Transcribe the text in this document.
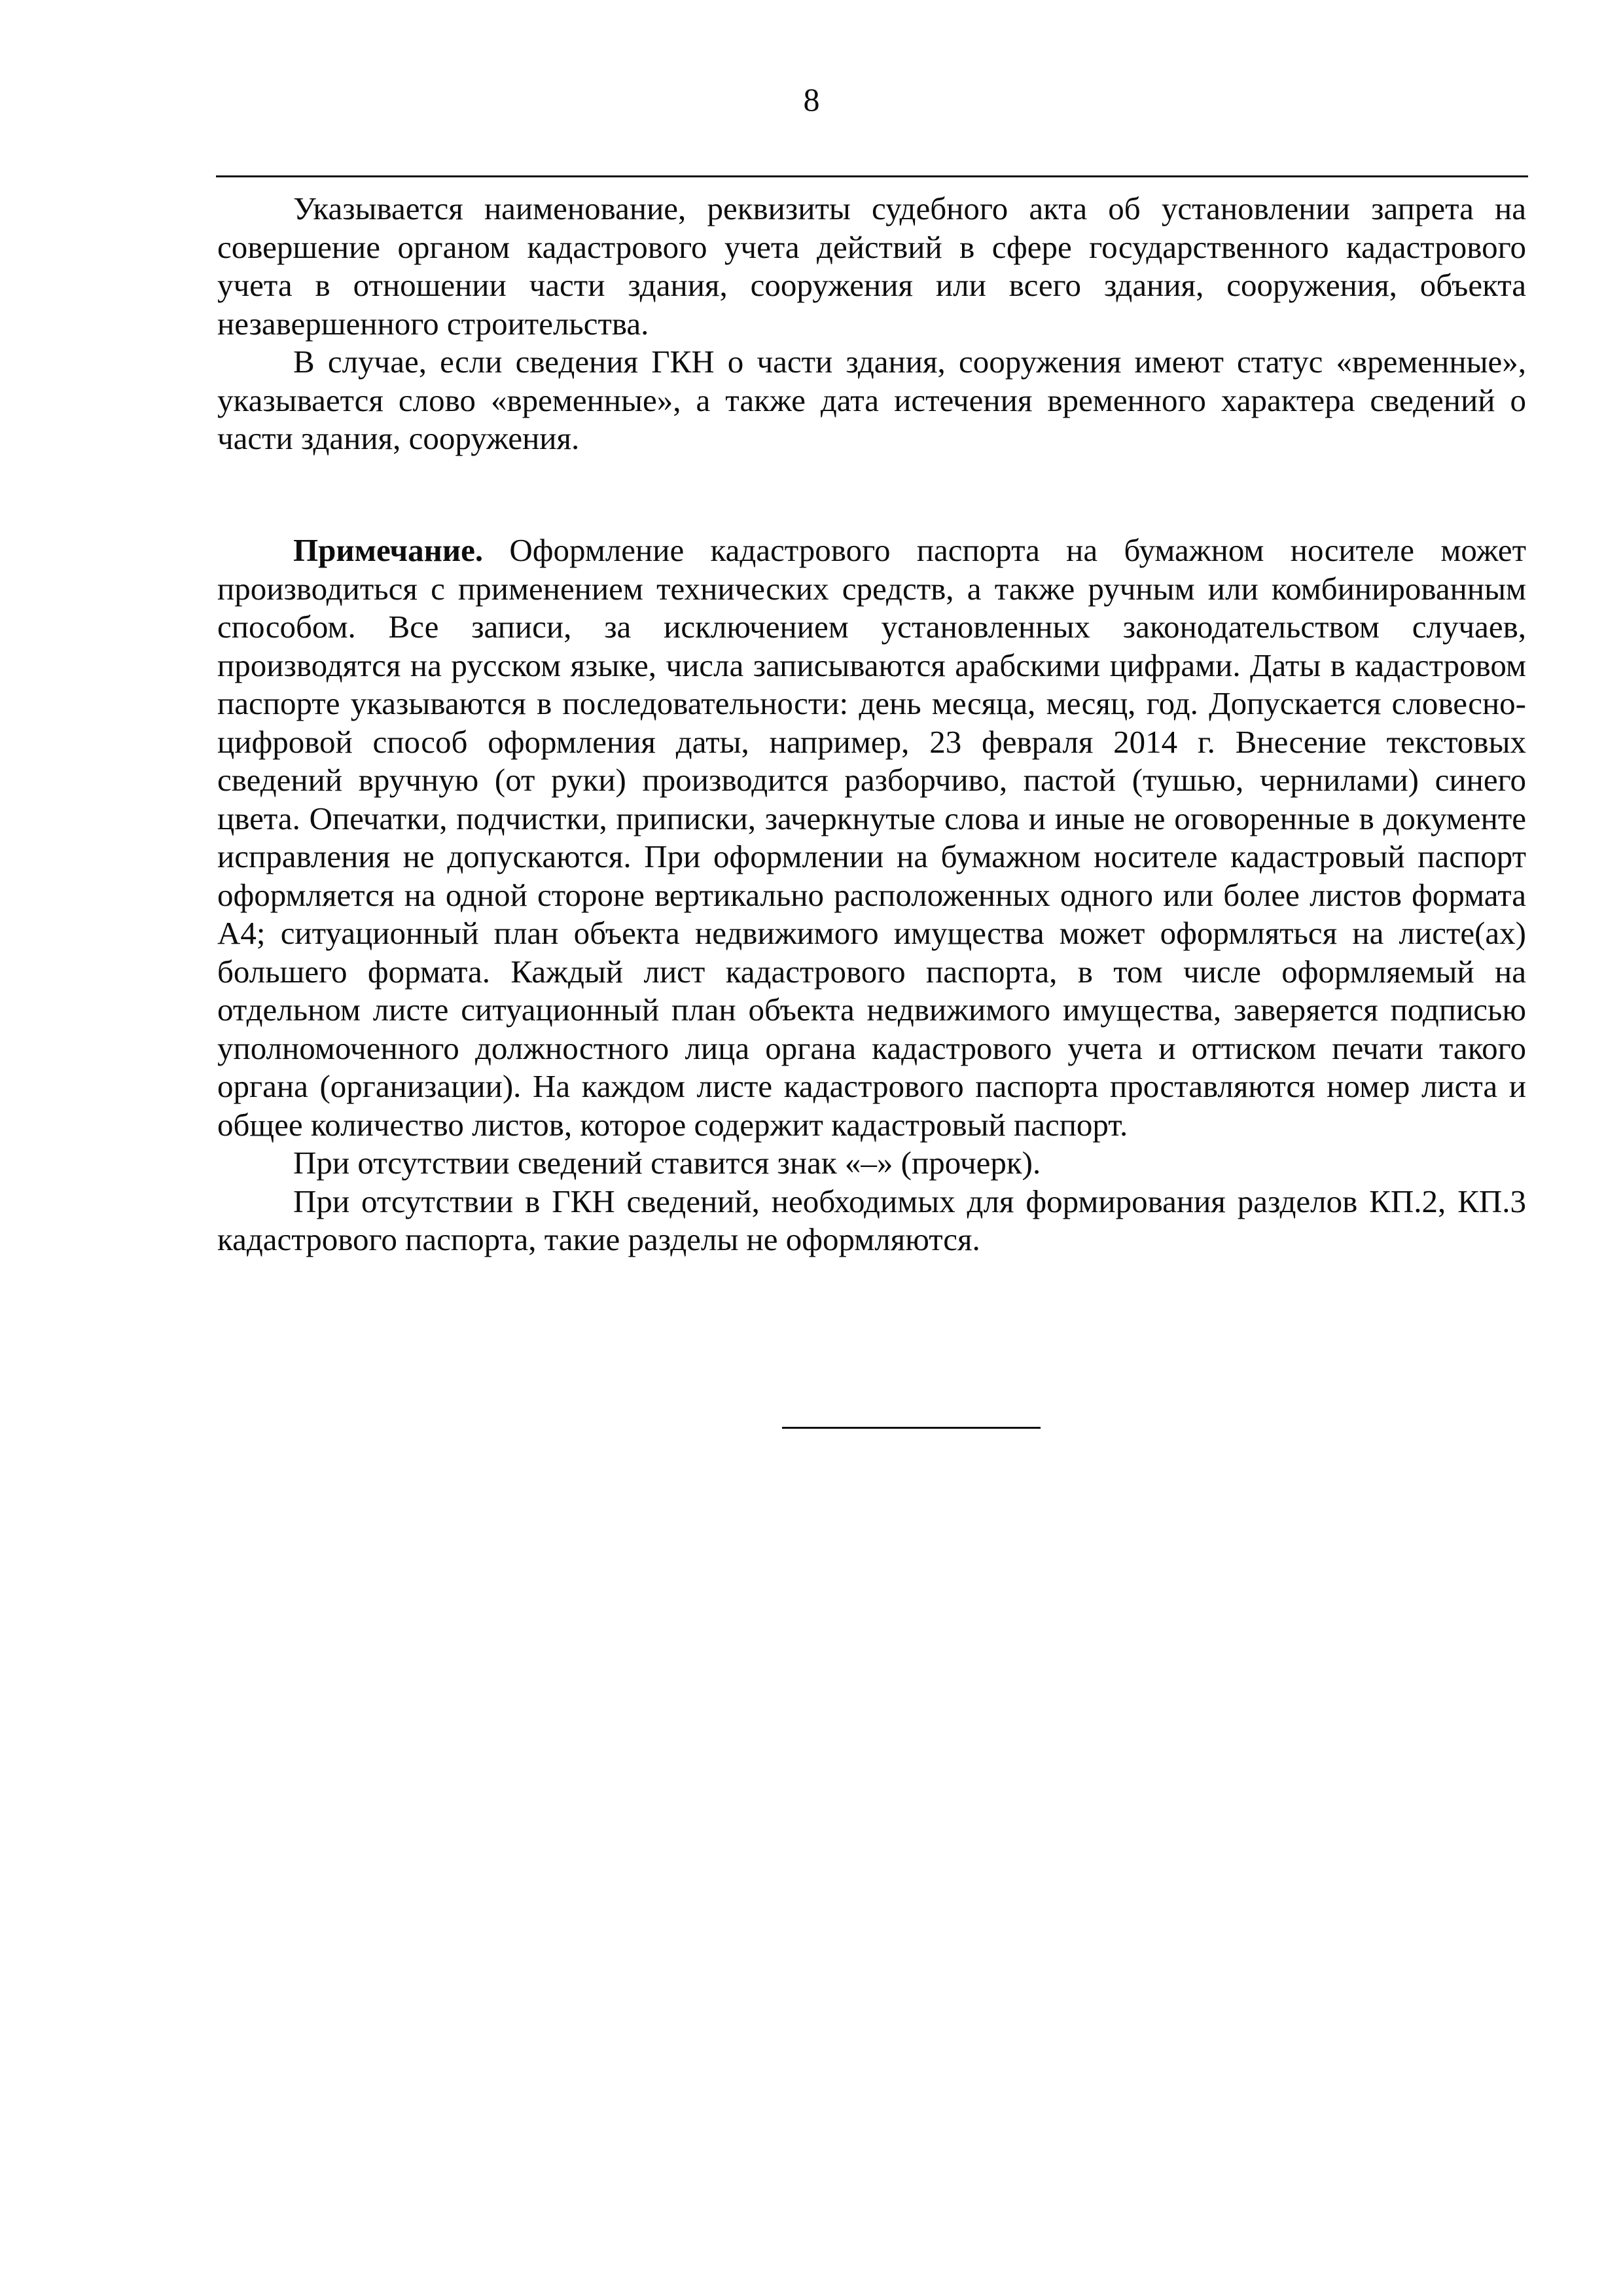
8

Указывается наименование, реквизиты судебного акта об установлении запрета на совершение органом кадастрового учета действий в сфере государственного кадастрового учета в отношении части здания, сооружения или всего здания, сооружения, объекта незавершенного строительства.

В случае, если сведения ГКН о части здания, сооружения имеют статус «временные», указывается слово «временные», а также дата истечения временного характера сведений о части здания, сооружения.

Примечание. Оформление кадастрового паспорта на бумажном носителе может производиться с применением технических средств, а также ручным или комбинированным способом. Все записи, за исключением установленных законодательством случаев, производятся на русском языке, числа записываются арабскими цифрами. Даты в кадастровом паспорте указываются в последовательности: день месяца, месяц, год. Допускается словесно-цифровой способ оформления даты, например, 23 февраля 2014 г. Внесение текстовых сведений вручную (от руки) производится разборчиво, пастой (тушью, чернилами) синего цвета. Опечатки, подчистки, приписки, зачеркнутые слова и иные не оговоренные в документе исправления не допускаются. При оформлении на бумажном носителе кадастровый паспорт оформляется на одной стороне вертикально расположенных одного или более листов формата А4; ситуационный план объекта недвижимого имущества может оформляться на листе(ах) большего формата. Каждый лист кадастрового паспорта, в том числе оформляемый на отдельном листе ситуационный план объекта недвижимого имущества, заверяется подписью уполномоченного должностного лица органа кадастрового учета и оттиском печати такого органа (организации). На каждом листе кадастрового паспорта проставляются номер листа и общее количество листов, которое содержит кадастровый паспорт.

При отсутствии сведений ставится знак «–» (прочерк).

При отсутствии в ГКН сведений, необходимых для формирования разделов КП.2, КП.3 кадастрового паспорта, такие разделы не оформляются.
